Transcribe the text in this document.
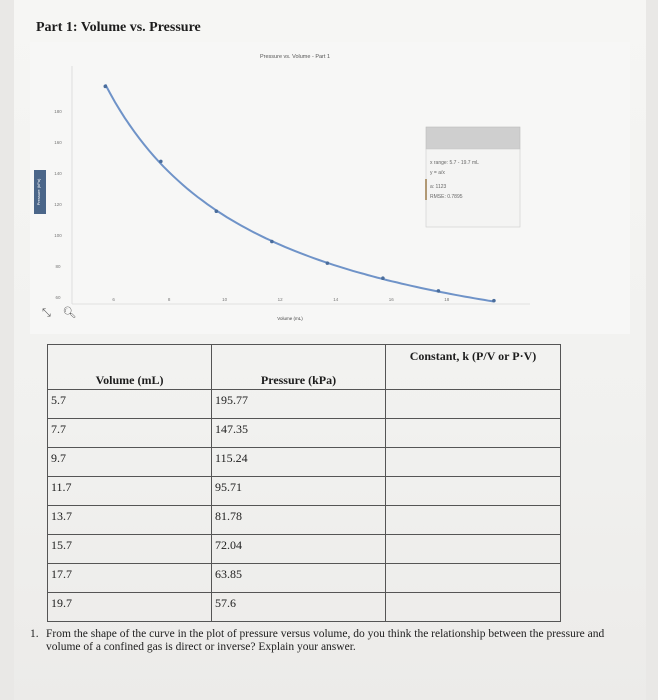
Part 1: Volume vs. Pressure
Pressure vs. Volume - Part 1
Pressure (kPa)
Volume (mL)
180
160
140
120
100
80
60	6	8	10	12	14	16	18
x range: 5.7 - 19.7 mL
y = a/x
a: 1123
RMSE: 0.7895
⤡ 🔍︎
Volume (mL)	Pressure (kPa)	Constant, k (P/V or P·V)

5.7	195.77	

7.7	147.35	

9.7	115.24	

11.7	95.71	

13.7	81.78	

15.7	72.04	

17.7	63.85	

19.7	57.6	

1. From the shape of the curve in the plot of pressure versus volume, do you think the relationship between the pressure and volume of a confined gas is direct or inverse? Explain your answer.
